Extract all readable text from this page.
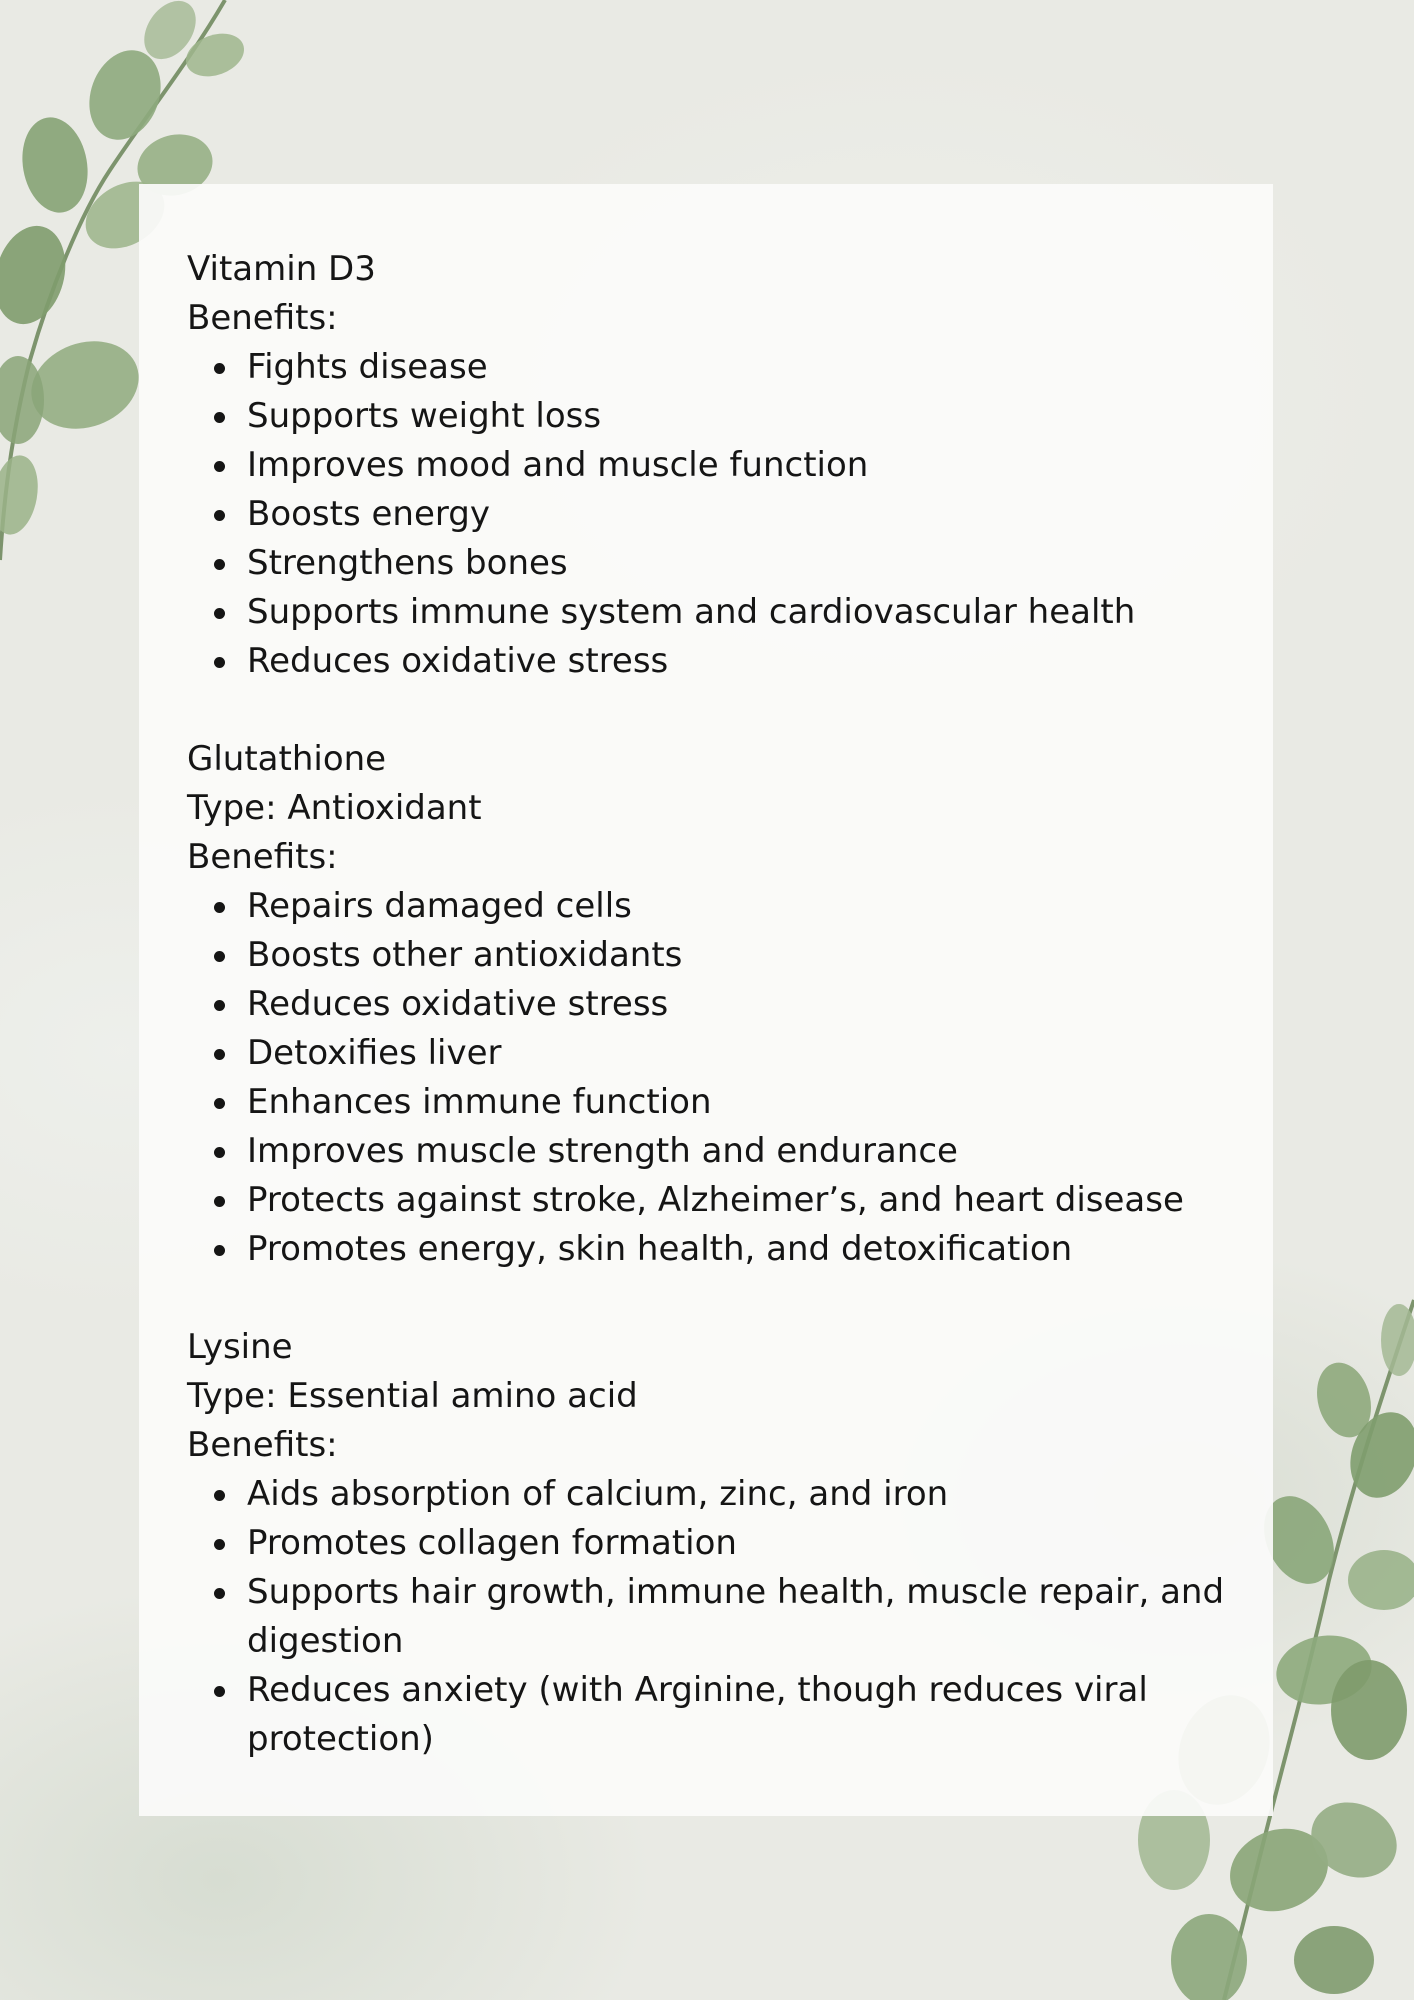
Vitamin D3

Benefits:

Fights disease
Supports weight loss
Improves mood and muscle function
Boosts energy
Strengthens bones
Supports immune system and cardiovascular health
Reduces oxidative stress

Glutathione

Type: Antioxidant

Benefits:

Repairs damaged cells
Boosts other antioxidants
Reduces oxidative stress
Detoxifies liver
Enhances immune function
Improves muscle strength and endurance
Protects against stroke, Alzheimer’s, and heart disease
Promotes energy, skin health, and detoxification

Lysine

Type: Essential amino acid

Benefits:

Aids absorption of calcium, zinc, and iron
Promotes collagen formation
Supports hair growth, immune health, muscle repair, and digestion
Reduces anxiety (with Arginine, though reduces viral protection)
